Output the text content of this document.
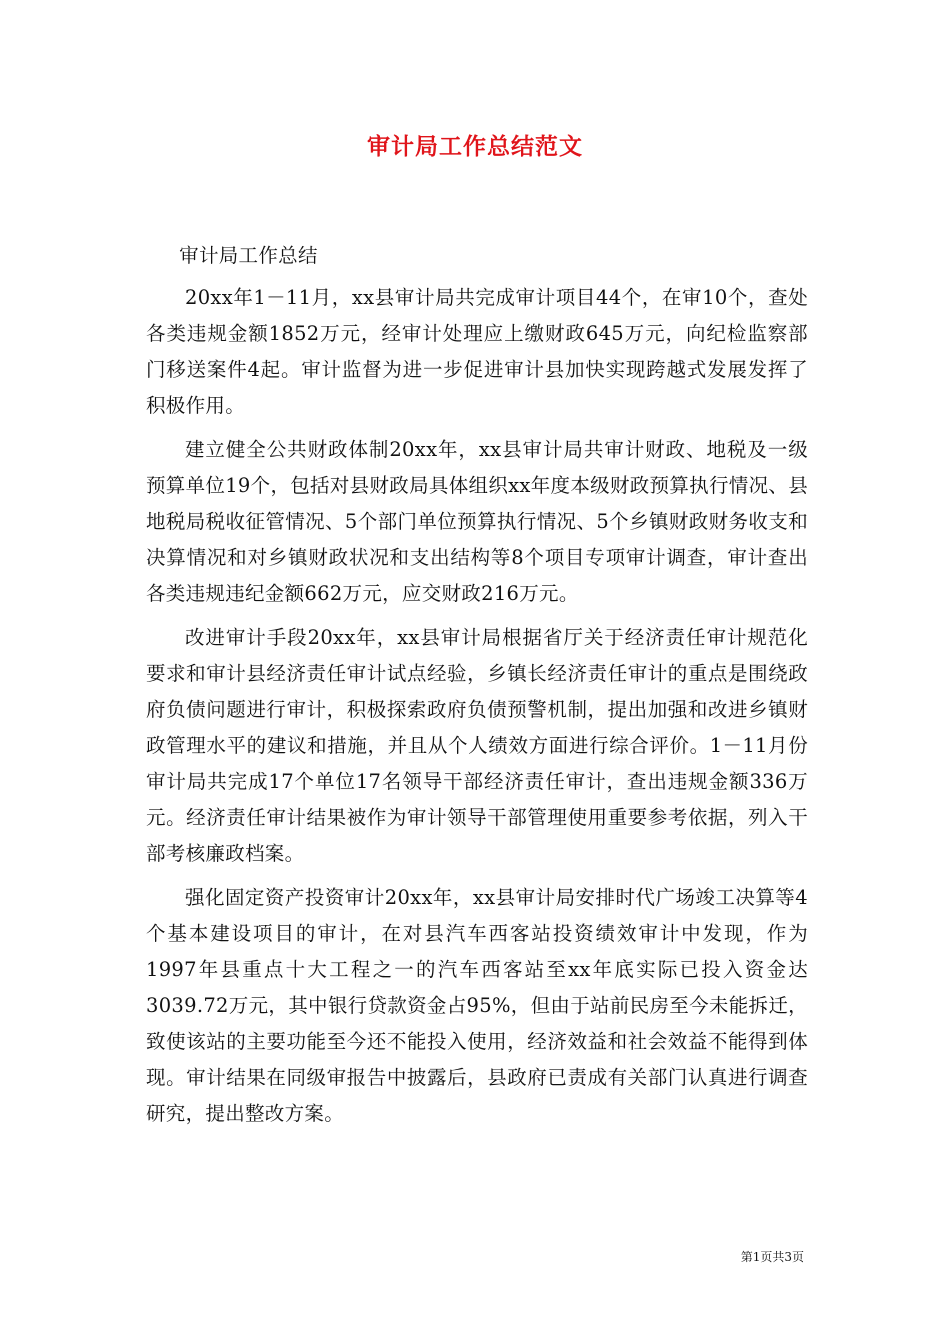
审计局工作总结范文

审计局工作总结

20xx年1－11月，xx县审计局共完成审计项目44个，在审10个，查处各类违规金额1852万元，经审计处理应上缴财政645万元，向纪检监察部门移送案件4起。审计监督为进一步促进审计县加快实现跨越式发展发挥了积极作用。

建立健全公共财政体制20xx年，xx县审计局共审计财政、地税及一级预算单位19个，包括对县财政局具体组织xx年度本级财政预算执行情况、县地税局税收征管情况、5个部门单位预算执行情况、5个乡镇财政财务收支和决算情况和对乡镇财政状况和支出结构等8个项目专项审计调查，审计查出各类违规违纪金额662万元，应交财政216万元。

改进审计手段20xx年，xx县审计局根据省厅关于经济责任审计规范化要求和审计县经济责任审计试点经验，乡镇长经济责任审计的重点是围绕政府负债问题进行审计，积极探索政府负债预警机制，提出加强和改进乡镇财政管理水平的建议和措施，并且从个人绩效方面进行综合评价。1－11月份审计局共完成17个单位17名领导干部经济责任审计，查出违规金额336万元。经济责任审计结果被作为审计领导干部管理使用重要参考依据，列入干部考核廉政档案。

强化固定资产投资审计20xx年，xx县审计局安排时代广场竣工决算等4个基本建设项目的审计，在对县汽车西客站投资绩效审计中发现，作为1997年县重点十大工程之一的汽车西客站至xx年底实际已投入资金达3039.72万元，其中银行贷款资金占95%，但由于站前民房至今未能拆迁，致使该站的主要功能至今还不能投入使用，经济效益和社会效益不能得到体现。审计结果在同级审报告中披露后，县政府已责成有关部门认真进行调查研究，提出整改方案。

第1页共3页
